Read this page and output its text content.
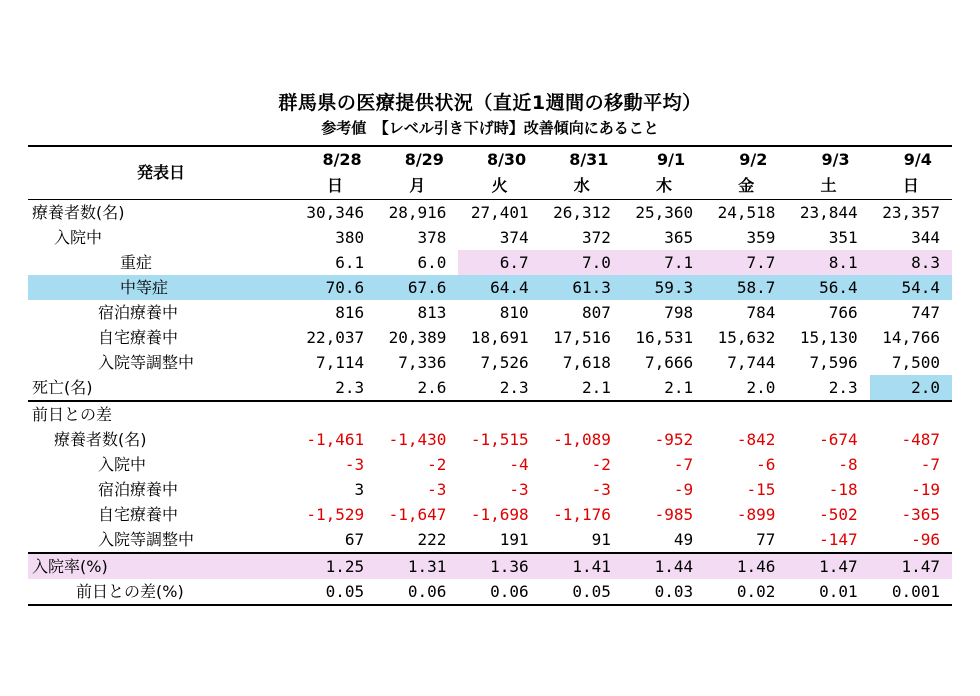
群馬県の医療提供状況（直近1週間の移動平均）
参考値　【レベル引き下げ時】改善傾向にあること
発表日	8/28	8/29	8/30	8/31	9/1	9/2	9/3	9/4
	日	月	火	水	木	金	土	日
療養者数(名)	30,346	28,916	27,401	26,312	25,360	24,518	23,844	23,357
入院中	380	378	374	372	365	359	351	344
重症	6.1	6.0	6.7	7.0	7.1	7.7	8.1	8.3
中等症	70.6	67.6	64.4	61.3	59.3	58.7	56.4	54.4
宿泊療養中	816	813	810	807	798	784	766	747
自宅療養中	22,037	20,389	18,691	17,516	16,531	15,632	15,130	14,766
入院等調整中	7,114	7,336	7,526	7,618	7,666	7,744	7,596	7,500
死亡(名)	2.3	2.6	2.3	2.1	2.1	2.0	2.3	2.0
前日との差								
療養者数(名)	-1,461	-1,430	-1,515	-1,089	-952	-842	-674	-487
入院中	-3	-2	-4	-2	-7	-6	-8	-7
宿泊療養中	3	-3	-3	-3	-9	-15	-18	-19
自宅療養中	-1,529	-1,647	-1,698	-1,176	-985	-899	-502	-365
入院等調整中	67	222	191	91	49	77	-147	-96
入院率(%)	1.25	1.31	1.36	1.41	1.44	1.46	1.47	1.47
前日との差(%)	0.05	0.06	0.06	0.05	0.03	0.02	0.01	0.001
